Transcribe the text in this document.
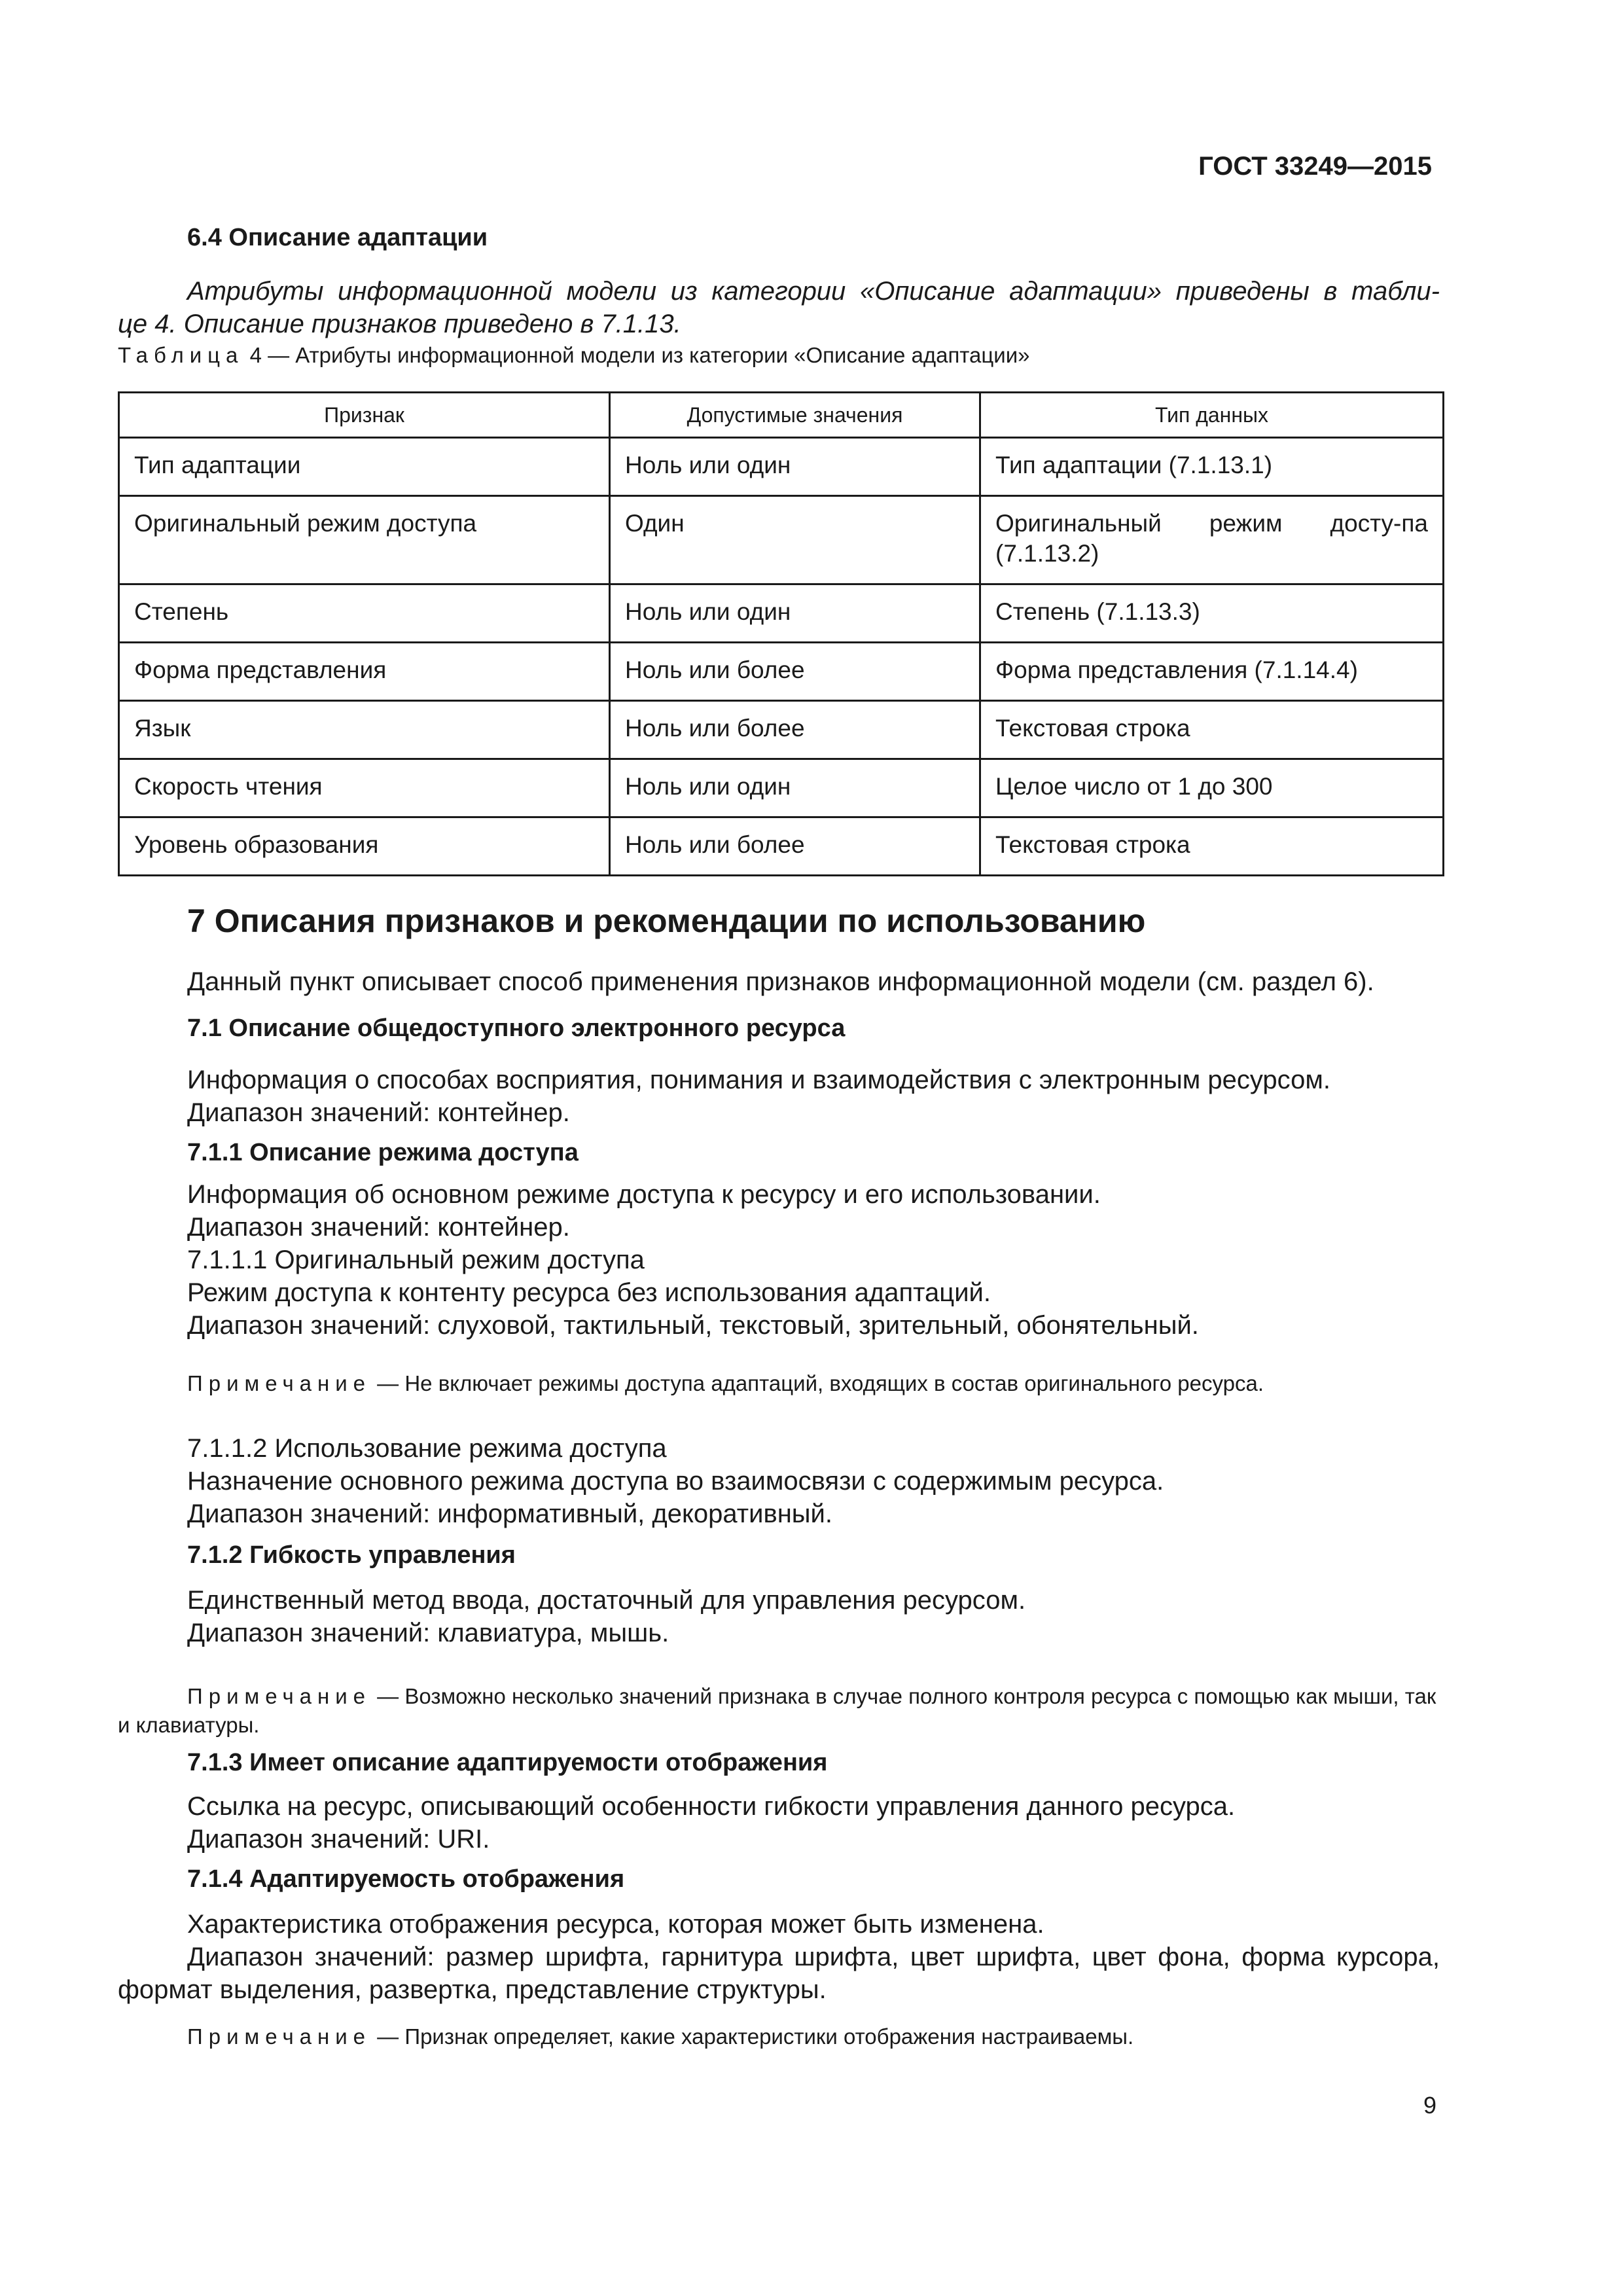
ГОСТ 33249—2015
6.4 Описание адаптации
Атрибуты информационной модели из категории «Описание адаптации» приведены в табли-
це 4. Описание признаков приведено в 7.1.13.
Таблица 4 — Атрибуты информационной модели из категории «Описание адаптации»
Признак	Допустимые значения	Тип данных
Тип адаптации	Ноль или один	Тип адаптации (7.1.13.1)
Оригинальный режим доступа	Один	Оригинальный режим досту-па (7.1.13.2)
Степень	Ноль или один	Степень (7.1.13.3)
Форма представления	Ноль или более	Форма представления (7.1.14.4)
Язык	Ноль или более	Текстовая строка
Скорость чтения	Ноль или один	Целое число от 1 до 300
Уровень образования	Ноль или более	Текстовая строка
7 Описания признаков и рекомендации по использованию
Данный пункт описывает способ применения признаков информационной модели (см. раздел 6).
7.1 Описание общедоступного электронного ресурса
Информация о способах восприятия, понимания и взаимодействия с электронным ресурсом.
Диапазон значений: контейнер.
7.1.1 Описание режима доступа
Информация об основном режиме доступа к ресурсу и его использовании.
Диапазон значений: контейнер.
7.1.1.1 Оригинальный режим доступа
Режим доступа к контенту ресурса без использования адаптаций.
Диапазон значений: слуховой, тактильный, текстовый, зрительный, обонятельный.
Примечание — Не включает режимы доступа адаптаций, входящих в состав оригинального ресурса.
7.1.1.2 Использование режима доступа
Назначение основного режима доступа во взаимосвязи с содержимым ресурса.
Диапазон значений: информативный, декоративный.
7.1.2 Гибкость управления
Единственный метод ввода, достаточный для управления ресурсом.
Диапазон значений: клавиатура, мышь.
Примечание — Возможно несколько значений признака в случае полного контроля ресурса с помощью как мыши, так и клавиатуры.
7.1.3 Имеет описание адаптируемости отображения
Ссылка на ресурс, описывающий особенности гибкости управления данного ресурса.
Диапазон значений: URI.
7.1.4 Адаптируемость отображения
Характеристика отображения ресурса, которая может быть изменена.
Диапазон значений: размер шрифта, гарнитура шрифта, цвет шрифта, цвет фона, форма курсора,
формат выделения, развертка, представление структуры.
Примечание — Признак определяет, какие характеристики отображения настраиваемы.
9
